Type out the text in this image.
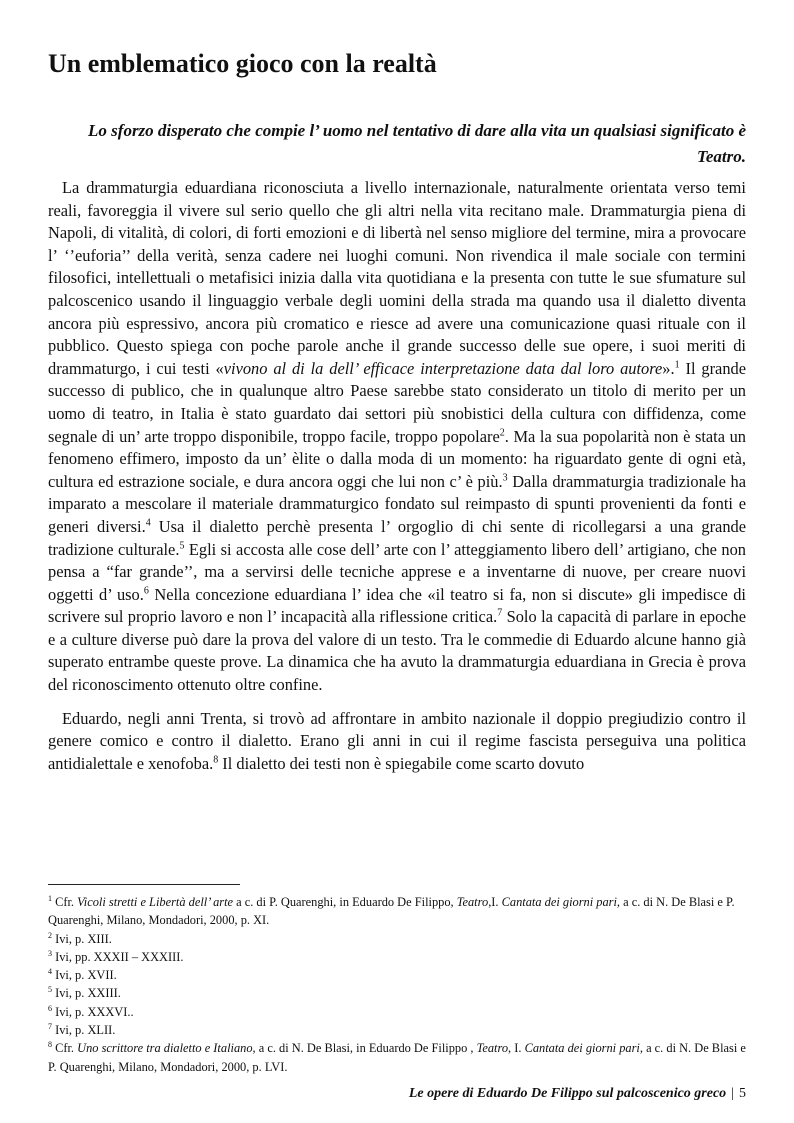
Un emblematico gioco con la realtà
Lo sforzo disperato che compie l’ uomo nel tentativo di dare alla vita un qualsiasi significato è Teatro.

La drammaturgia eduardiana riconosciuta a livello internazionale, naturalmente orientata verso temi reali, favoreggia il vivere sul serio quello che gli altri nella vita recitano male. Drammaturgia piena di Napoli, di vitalità, di colori, di forti emozioni e di libertà nel senso migliore del termine, mira a provocare l’ ‘’euforia’’ della verità, senza cadere nei luoghi comuni. Non rivendica il male sociale con termini filosofici, intellettuali o metafisici inizia dalla vita quotidiana e la presenta con tutte le sue sfumature sul palcoscenico usando il linguaggio verbale degli uomini della strada ma quando usa il dialetto diventa ancora più espressivo, ancora più cromatico e riesce ad avere una comunicazione quasi rituale con il pubblico. Questo spiega con poche parole anche il grande successo delle sue opere, i suoi meriti di drammaturgo, i cui testi «vivono al di la dell’ efficace interpretazione data dal loro autore».$^1$ Il grande successo di publico, che in qualunque altro Paese sarebbe stato considerato un titolo di merito per un uomo di teatro, in Italia è stato guardato dai settori più snobistici della cultura con diffidenza, come segnale di un’ arte troppo disponibile, troppo facile, troppo popolare$^2$. Ma la sua popolarità non è stata un fenomeno effimero, imposto da un’ èlite o dalla moda di un momento: ha riguardato gente di ogni età, cultura ed estrazione sociale, e dura ancora oggi che lui non c’ è più.$^3$ Dalla drammaturgia tradizionale ha imparato a mescolare il materiale drammaturgico fondato sul reimpasto di spunti provenienti da fonti e generi diversi.$^4$ Usa il dialetto perchè presenta l’ orgoglio di chi sente di ricollegarsi a una grande tradizione culturale.$^5$ Egli si accosta alle cose dell’ arte con l’ atteggiamento libero dell’ artigiano, che non pensa a “far grande’’, ma a servirsi delle tecniche apprese e a inventarne di nuove, per creare nuovi oggetti d’ uso.$^6$ Nella concezione eduardiana l’ idea che «il teatro si fa, non si discute» gli impedisce di scrivere sul proprio lavoro e non l’ incapacità alla riflessione critica.$^7$ Solo la capacità di parlare in epoche e a culture diverse può dare la prova del valore di un testo. Tra le commedie di Eduardo alcune hanno già superato entrambe queste prove. La dinamica che ha avuto la drammaturgia eduardiana in Grecia è prova del riconoscimento ottenuto oltre confine.

Eduardo, negli anni Trenta, si trovò ad affrontare in ambito nazionale il doppio pregiudizio contro il genere comico e contro il dialetto. Erano gli anni in cui il regime fascista perseguiva una politica antidialettale e xenofoba.$^8$ Il dialetto dei testi non è spiegabile come scarto dovuto

$^1$ Cfr. Vicoli stretti e Libertà dell’ arte a c. di P. Quarenghi, in Eduardo De Filippo, Teatro,I. Cantata dei giorni pari, a c. di N. De Blasi e P. Quarenghi, Milano, Mondadori, 2000, p. XI.
$^2$ Ivi, p. XIII.
$^3$ Ivi, pp. XXXII – XXXIII.
$^4$ Ivi, p. XVII.
$^5$ Ivi, p. XXIII.
$^6$ Ivi, p. XXXVI..
$^7$ Ivi, p. XLII.
$^8$ Cfr. Uno scrittore tra dialetto e Italiano, a c. di N. De Blasi, in Eduardo De Filippo , Teatro, I. Cantata dei giorni pari, a c. di N. De Blasi e P. Quarenghi, Milano, Mondadori, 2000, p. LVI.
Le opere di Eduardo De Filippo sul palcoscenico greco | 5
